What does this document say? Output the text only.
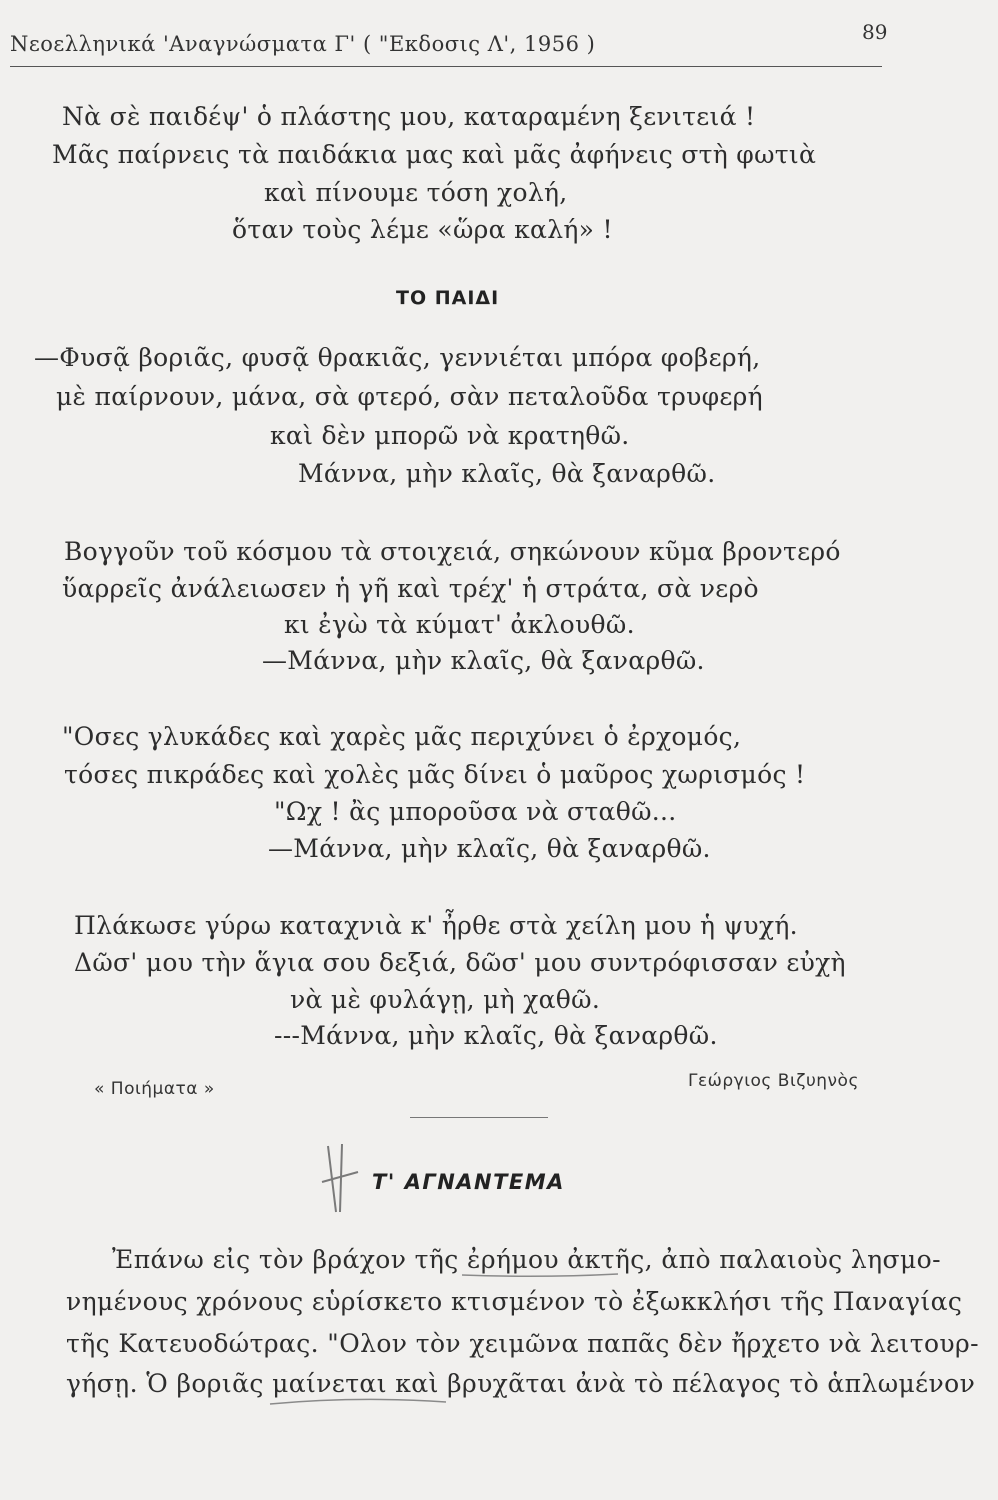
Νεοελληνικά 'Αναγνώσματα Γ' ( "Εκδοσις Λ', 1956 )	89
Νὰ σὲ παιδέψ' ὁ πλάστης μου, καταραμένη ξενιτειά !
Μᾶς παίρνεις τὰ παιδάκια μας καὶ μᾶς ἀφήνεις στὴ φωτιὰ
καὶ πίνουμε τόση χολή,
ὅταν τοὺς λέμε «ὥρα καλή» !
ΤΟ ΠΑΙΔΙ
—Φυσᾷ βοριᾶς, φυσᾷ θρακιᾶς, γεννιέται μπόρα φοβερή,
μὲ παίρνουν, μάνα, σὰ φτερό, σὰν πεταλοῦδα τρυφερή
καὶ δὲν μπορῶ νὰ κρατηθῶ.
Μάννα, μὴν κλαῖς, θὰ ξαναρθῶ.
Βογγοῦν τοῦ κόσμου τὰ στοιχειά, σηκώνουν κῦμα βροντερό
ὕαρρεῖς ἀνάλειωσεν ἡ γῆ καὶ τρέχ' ἡ στράτα, σὰ νερὸ
κι ἐγὼ τὰ κύματ' ἀκλουθῶ.
—Μάννα, μὴν κλαῖς, θὰ ξαναρθῶ.
"Οσες γλυκάδες καὶ χαρὲς μᾶς περιχύνει ὁ ἐρχομός,
τόσες πικράδες καὶ χολὲς μᾶς δίνει ὁ μαῦρος χωρισμός !
"Ωχ ! ἂς μποροῦσα νὰ σταθῶ...
—Μάννα, μὴν κλαῖς, θὰ ξαναρθῶ.
Πλάκωσε γύρω καταχνιὰ κ' ἦρθε στὰ χείλη μου ἡ ψυχή.
Δῶσ' μου τὴν ἅγια σου δεξιά, δῶσ' μου συντρόφισσαν εὐχὴ
νὰ μὲ φυλάγῃ, μὴ χαθῶ.
---Μάννα, μὴν κλαῖς, θὰ ξαναρθῶ.
« Ποιήματα »	Γεώργιος Βιζυηνὸς
Τ' ΑΓΝΑΝΤΕΜΑ
Ἐπάνω εἰς τὸν βράχον τῆς ἐρήμου ἀκτῆς, ἀπὸ παλαιοὺς λησμο-
νημένους χρόνους εὑρίσκετο κτισμένον τὸ ἐξωκκλήσι τῆς Παναγίας
τῆς Κατευοδώτρας. "Ολον τὸν χειμῶνα παπᾶς δὲν ἤρχετο νὰ λειτουρ-
γήσῃ. Ὁ βοριᾶς μαίνεται καὶ βρυχᾶται ἀνὰ τὸ πέλαγος τὸ ἁπλωμένον
